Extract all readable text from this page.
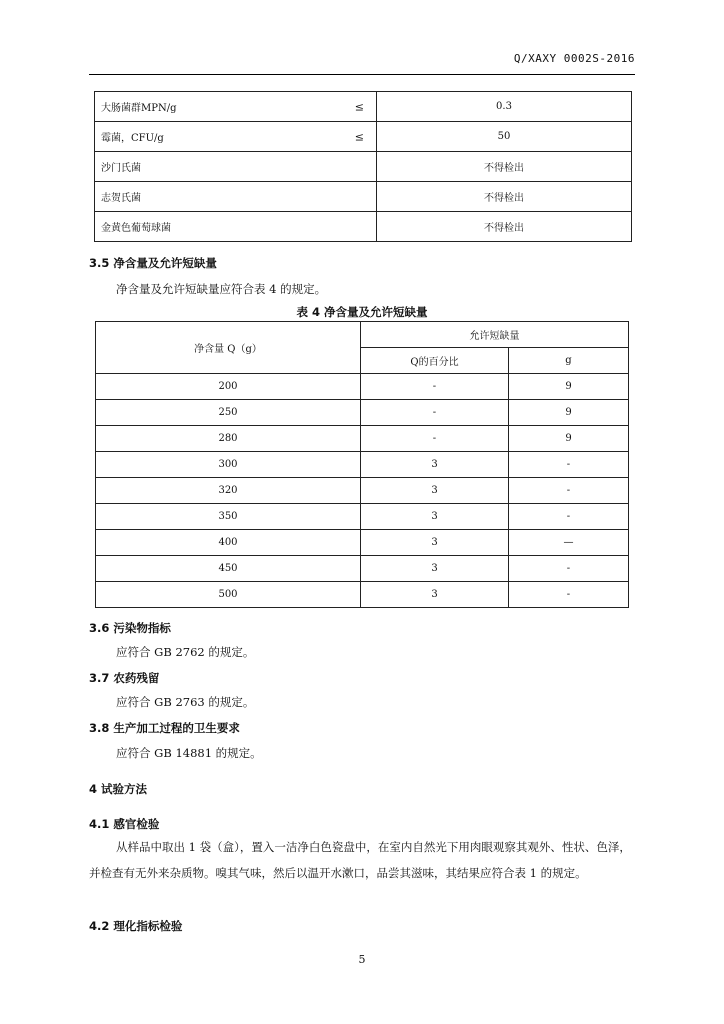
Q/XAXY 0002S-2016
大肠菌群MPN/g ≤	0.3
霉菌，CFU/g ≤	50
沙门氏菌	不得检出
志贺氏菌	不得检出
金黄色葡萄球菌	不得检出
3.5 净含量及允许短缺量
净含量及允许短缺量应符合表 4 的规定。
表 4 净含量及允许短缺量
净含量 Q（g）	允许短缺量	
	Q的百分比	g
200	-	9
250	-	9
280	-	9
300	3	-
320	3	-
350	3	-
400	3	—
450	3	-
500	3	-
3.6 污染物指标
应符合 GB 2762 的规定。
3.7 农药残留
应符合 GB 2763 的规定。
3.8 生产加工过程的卫生要求
应符合 GB 14881 的规定。
4 试验方法
4.1 感官检验
从样品中取出 1 袋（盒），置入一洁净白色瓷盘中，在室内自然光下用肉眼观察其观外、性状、色泽，并检查有无外来杂质物。嗅其气味，然后以温开水漱口，品尝其滋味，其结果应符合表 1 的规定。
4.2 理化指标检验
5
